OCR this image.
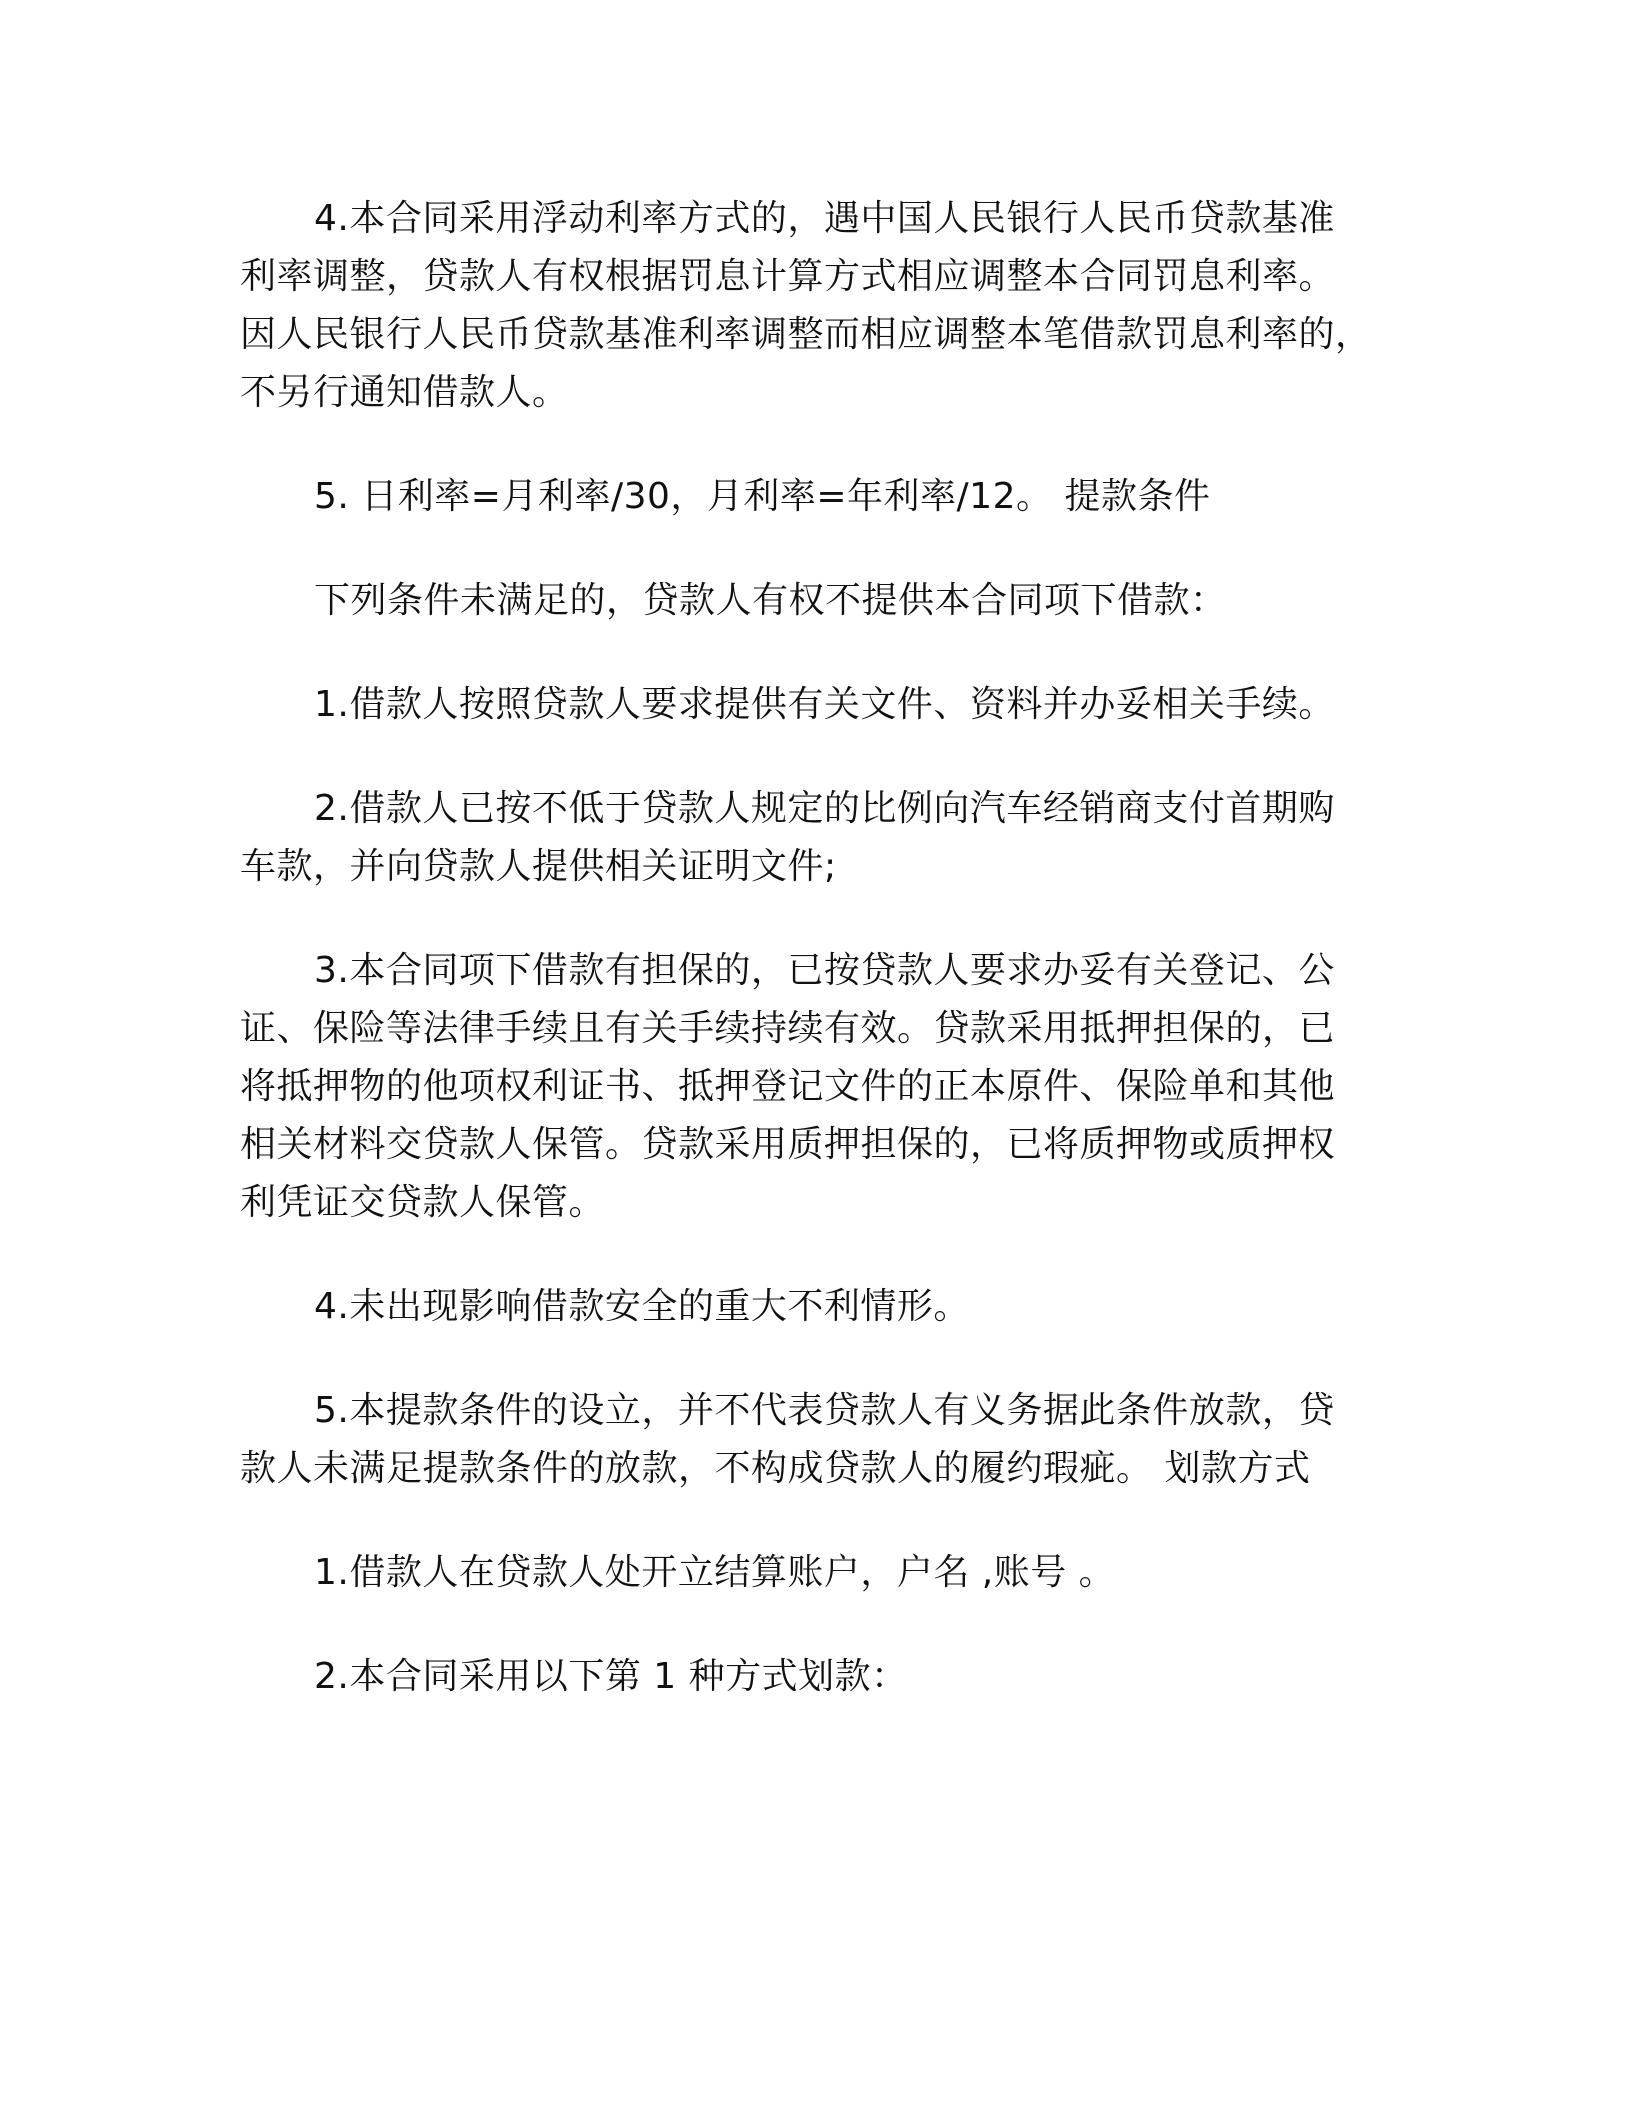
4.本合同采用浮动利率方式的，遇中国人民银行人民币贷款基准
利率调整，贷款人有权根据罚息计算方式相应调整本合同罚息利率。
因人民银行人民币贷款基准利率调整而相应调整本笔借款罚息利率的，
不另行通知借款人。
5. 日利率=月利率/30，月利率=年利率/12。 提款条件
下列条件未满足的，贷款人有权不提供本合同项下借款：
1.借款人按照贷款人要求提供有关文件、资料并办妥相关手续。
2.借款人已按不低于贷款人规定的比例向汽车经销商支付首期购
车款，并向贷款人提供相关证明文件;
3.本合同项下借款有担保的，已按贷款人要求办妥有关登记、公
证、保险等法律手续且有关手续持续有效。贷款采用抵押担保的，已
将抵押物的他项权利证书、抵押登记文件的正本原件、保险单和其他
相关材料交贷款人保管。贷款采用质押担保的，已将质押物或质押权
利凭证交贷款人保管。
4.未出现影响借款安全的重大不利情形。
5.本提款条件的设立，并不代表贷款人有义务据此条件放款，贷
款人未满足提款条件的放款，不构成贷款人的履约瑕疵。 划款方式
1.借款人在贷款人处开立结算账户，户名 ,账号 。
2.本合同采用以下第 1 种方式划款：
